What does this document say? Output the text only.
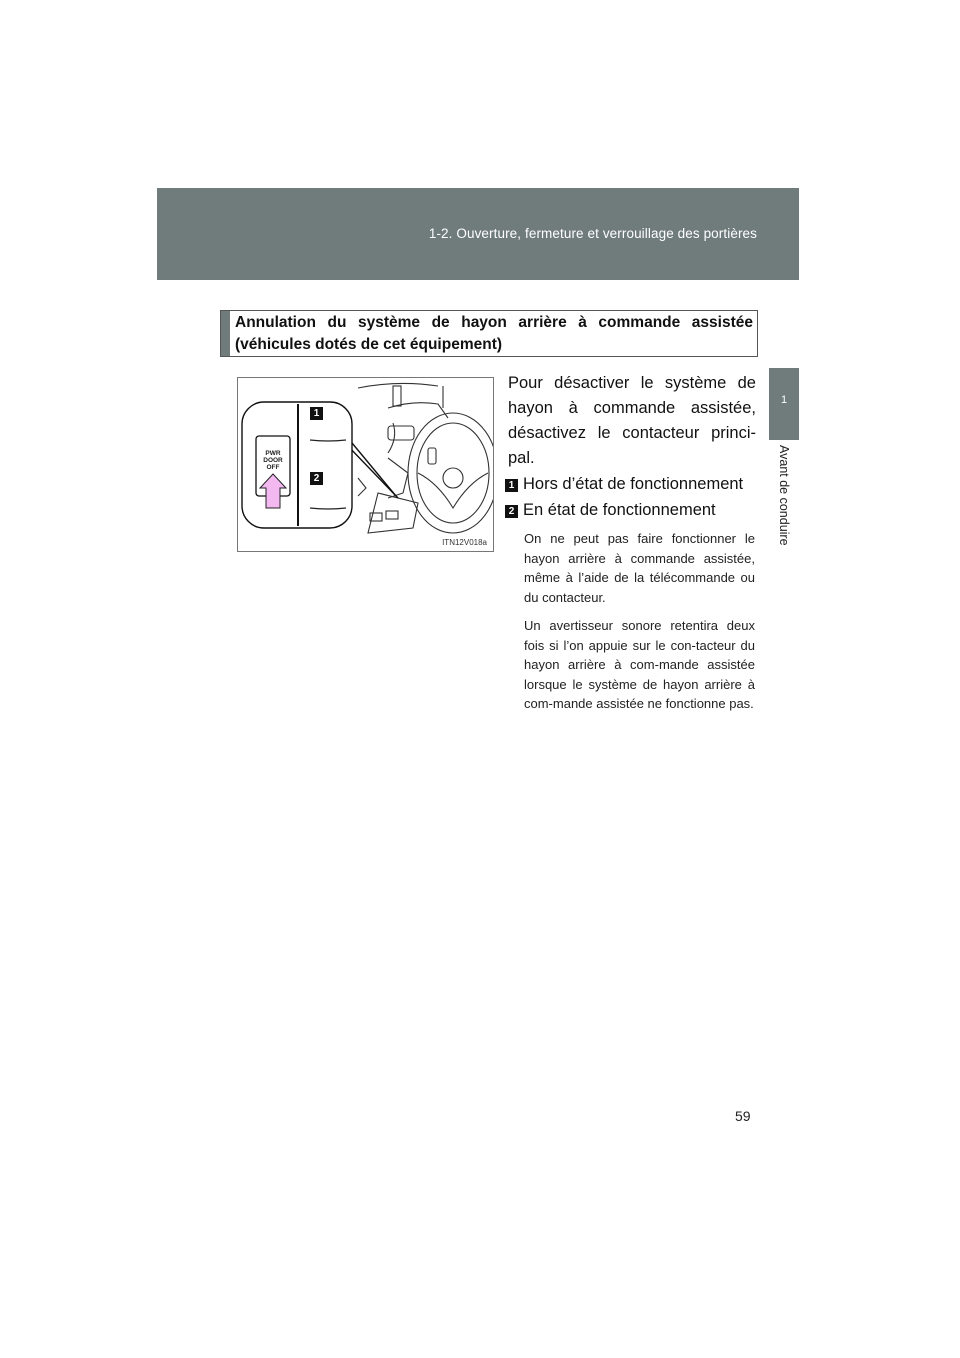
1-2. Ouverture, fermeture et verrouillage des portières
1
Avant de conduire
Annulation du système de hayon arrière à commande assistée (véhicules dotés de cet équipement)
PWR
DOOR
OFF
1
2
ITN12V018a

Pour désactiver le système de hayon à commande assistée, désactivez le contacteur princi-pal.

1 Hors d’état de fonctionnement
2 En état de fonctionnement

On ne peut pas faire fonctionner le hayon arrière à commande assistée, même à l’aide de la télécommande ou du contacteur.

Un avertisseur sonore retentira deux fois si l’on appuie sur le con-tacteur du hayon arrière à com-mande assistée lorsque le système de hayon arrière à com-mande assistée ne fonctionne pas.

59
